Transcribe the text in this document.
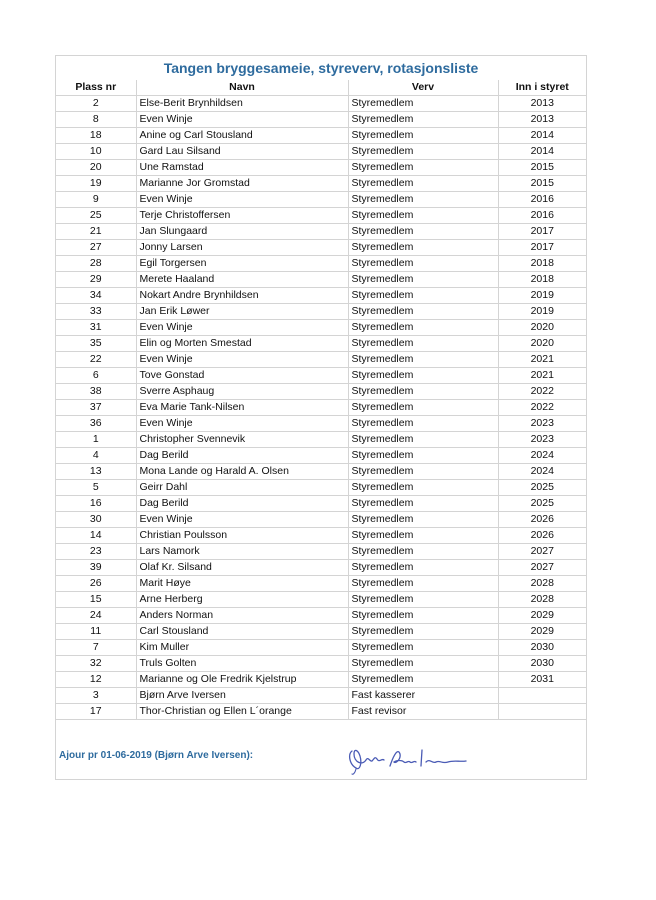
Tangen bryggesameie, styreverv, rotasjonsliste
Plass nr	Navn	Verv	Inn i styret
2	Else-Berit Brynhildsen	Styremedlem	2013
8	Even Winje	Styremedlem	2013
18	Anine og Carl Stousland	Styremedlem	2014
10	Gard Lau Silsand	Styremedlem	2014
20	Une Ramstad	Styremedlem	2015
19	Marianne Jor Gromstad	Styremedlem	2015
9	Even Winje	Styremedlem	2016
25	Terje Christoffersen	Styremedlem	2016
21	Jan Slungaard	Styremedlem	2017
27	Jonny Larsen	Styremedlem	2017
28	Egil Torgersen	Styremedlem	2018
29	Merete Haaland	Styremedlem	2018
34	Nokart Andre Brynhildsen	Styremedlem	2019
33	Jan Erik Løwer	Styremedlem	2019
31	Even Winje	Styremedlem	2020
35	Elin og Morten Smestad	Styremedlem	2020
22	Even Winje	Styremedlem	2021
6	Tove Gonstad	Styremedlem	2021
38	Sverre Asphaug	Styremedlem	2022
37	Eva Marie Tank-Nilsen	Styremedlem	2022
36	Even Winje	Styremedlem	2023
1	Christopher Svennevik	Styremedlem	2023
4	Dag Berild	Styremedlem	2024
13	Mona Lande og Harald A. Olsen	Styremedlem	2024
5	Geirr Dahl	Styremedlem	2025
16	Dag Berild	Styremedlem	2025
30	Even Winje	Styremedlem	2026
14	Christian Poulsson	Styremedlem	2026
23	Lars Namork	Styremedlem	2027
39	Olaf Kr. Silsand	Styremedlem	2027
26	Marit Høye	Styremedlem	2028
15	Arne Herberg	Styremedlem	2028
24	Anders Norman	Styremedlem	2029
11	Carl Stousland	Styremedlem	2029
7	Kim Muller	Styremedlem	2030
32	Truls Golten	Styremedlem	2030
12	Marianne og Ole Fredrik Kjelstrup	Styremedlem	2031
3	Bjørn Arve Iversen	Fast kasserer	
17	Thor-Christian og Ellen L´orange	Fast revisor	
Ajour pr 01-06-2019 (Bjørn Arve Iversen):
